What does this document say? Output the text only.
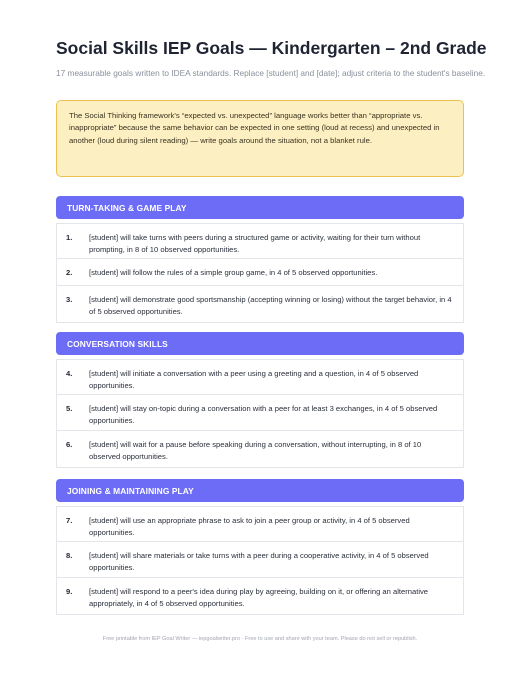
Social Skills IEP Goals — Kindergarten – 2nd Grade
17 measurable goals written to IDEA standards. Replace [student] and [date]; adjust criteria to the student's baseline.
The Social Thinking framework's “expected vs. unexpected” language works better than “appropriate vs. inappropriate” because the same behavior can be expected in one setting (loud at recess) and unexpected in another (loud during silent reading) — write goals around the situation, not a blanket rule.
TURN-TAKING & GAME PLAY
1. [student] will take turns with peers during a structured game or activity, waiting for their turn without prompting, in 8 of 10 observed opportunities.
2. [student] will follow the rules of a simple group game, in 4 of 5 observed opportunities.
3. [student] will demonstrate good sportsmanship (accepting winning or losing) without the target behavior, in 4 of 5 observed opportunities.
CONVERSATION SKILLS
4. [student] will initiate a conversation with a peer using a greeting and a question, in 4 of 5 observed opportunities.
5. [student] will stay on-topic during a conversation with a peer for at least 3 exchanges, in 4 of 5 observed opportunities.
6. [student] will wait for a pause before speaking during a conversation, without interrupting, in 8 of 10 observed opportunities.
JOINING & MAINTAINING PLAY
7. [student] will use an appropriate phrase to ask to join a peer group or activity, in 4 of 5 observed opportunities.
8. [student] will share materials or take turns with a peer during a cooperative activity, in 4 of 5 observed opportunities.
9. [student] will respond to a peer's idea during play by agreeing, building on it, or offering an alternative appropriately, in 4 of 5 observed opportunities.
Free printable from IEP Goal Writer — iepgoalwriter.pro · Free to use and share with your team. Please do not sell or republish.
